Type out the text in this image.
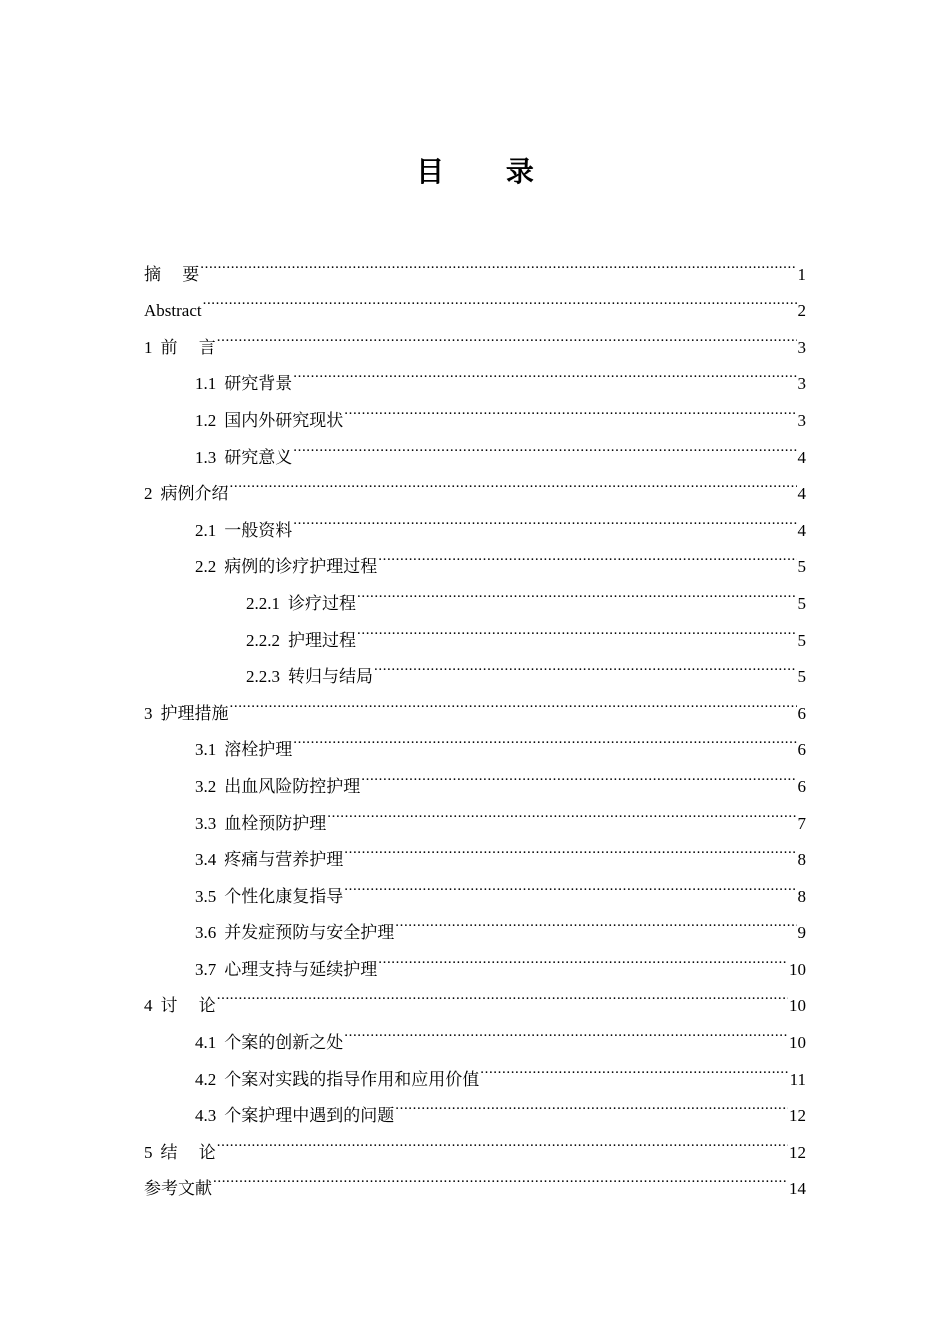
目 录
摘　 要 .....	1
Abstract .....	2
1 前　 言 .....	3
1.1 研究背景 .....	3
1.2 国内外研究现状 .....	3
1.3 研究意义 .....	4
2 病例介绍 .....	4
2.1 一般资料 .....	4
2.2 病例的诊疗护理过程 .....	5
2.2.1 诊疗过程 .....	5
2.2.2 护理过程 .....	5
2.2.3 转归与结局 .....	5
3 护理措施 .....	6
3.1 溶栓护理 .....	6
3.2 出血风险防控护理 .....	6
3.3 血栓预防护理 .....	7
3.4 疼痛与营养护理 .....	8
3.5 个性化康复指导 .....	8
3.6 并发症预防与安全护理 .....	9
3.7 心理支持与延续护理 .....	10
4 讨　 论 .....	10
4.1 个案的创新之处 .....	10
4.2 个案对实践的指导作用和应用价值 .....	11
4.3 个案护理中遇到的问题 .....	12
5 结　 论 .....	12
参考文献 .....	14
